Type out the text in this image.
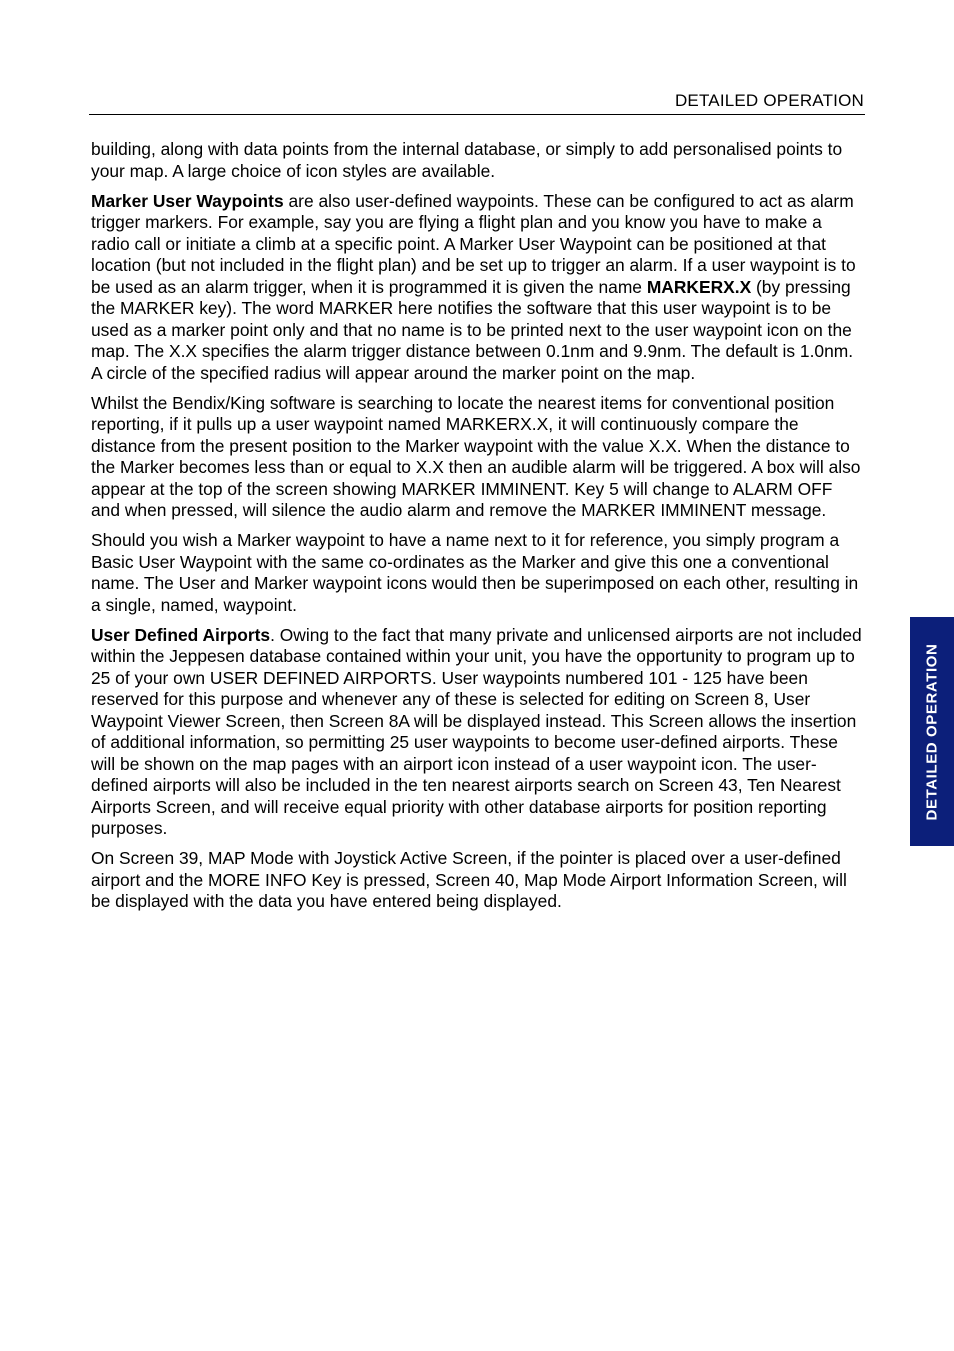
DETAILED OPERATION

building, along with data points from the internal database, or simply to add personalised points to your map. A large choice of icon styles are available.

Marker User Waypoints are also user-defined waypoints. These can be configured to act as alarm trigger markers. For example, say you are flying a flight plan and you know you have to make a radio call or initiate a climb at a specific point. A Marker User Waypoint can be positioned at that location (but not included in the flight plan) and be set up to trigger an alarm. If a user waypoint is to be used as an alarm trigger, when it is programmed it is given the name MARKERX.X (by pressing the MARKER key). The word MARKER here notifies the software that this user waypoint is to be used as a marker point only and that no name is to be printed next to the user waypoint icon on the map. The X.X specifies the alarm trigger distance between 0.1nm and 9.9nm. The default is 1.0nm. A circle of the specified radius will appear around the marker point on the map.

Whilst the Bendix/King software is searching to locate the nearest items for conventional position reporting, if it pulls up a user waypoint named MARKERX.X, it will continuously compare the distance from the present position to the Marker waypoint with the value X.X. When the distance to the Marker becomes less than or equal to X.X then an audible alarm will be triggered. A box will also appear at the top of the screen showing MARKER IMMINENT. Key 5 will change to ALARM OFF and when pressed, will silence the audio alarm and remove the MARKER IMMINENT message.

Should you wish a Marker waypoint to have a name next to it for reference, you simply program a Basic User Waypoint with the same co-ordinates as the Marker and give this one a conventional name. The User and Marker waypoint icons would then be superimposed on each other, resulting in a single, named, waypoint.

User Defined Airports. Owing to the fact that many private and unlicensed airports are not included within the Jeppesen database contained within your unit, you have the opportunity to program up to 25 of your own USER DEFINED AIRPORTS. User waypoints numbered 101 - 125 have been reserved for this purpose and whenever any of these is selected for editing on Screen 8, User Waypoint Viewer Screen, then Screen 8A will be displayed instead. This Screen allows the insertion of additional information, so permitting 25 user waypoints to become user-defined airports. These will be shown on the map pages with an airport icon instead of a user waypoint icon. The user-defined airports will also be included in the ten nearest airports search on Screen 43, Ten Nearest Airports Screen, and will receive equal priority with other database airports for position reporting purposes.

On Screen 39, MAP Mode with Joystick Active Screen, if the pointer is placed over a user-defined airport and the MORE INFO Key is pressed, Screen 40, Map Mode Airport Information Screen, will be displayed with the data you have entered being displayed.

DETAILED OPERATION
